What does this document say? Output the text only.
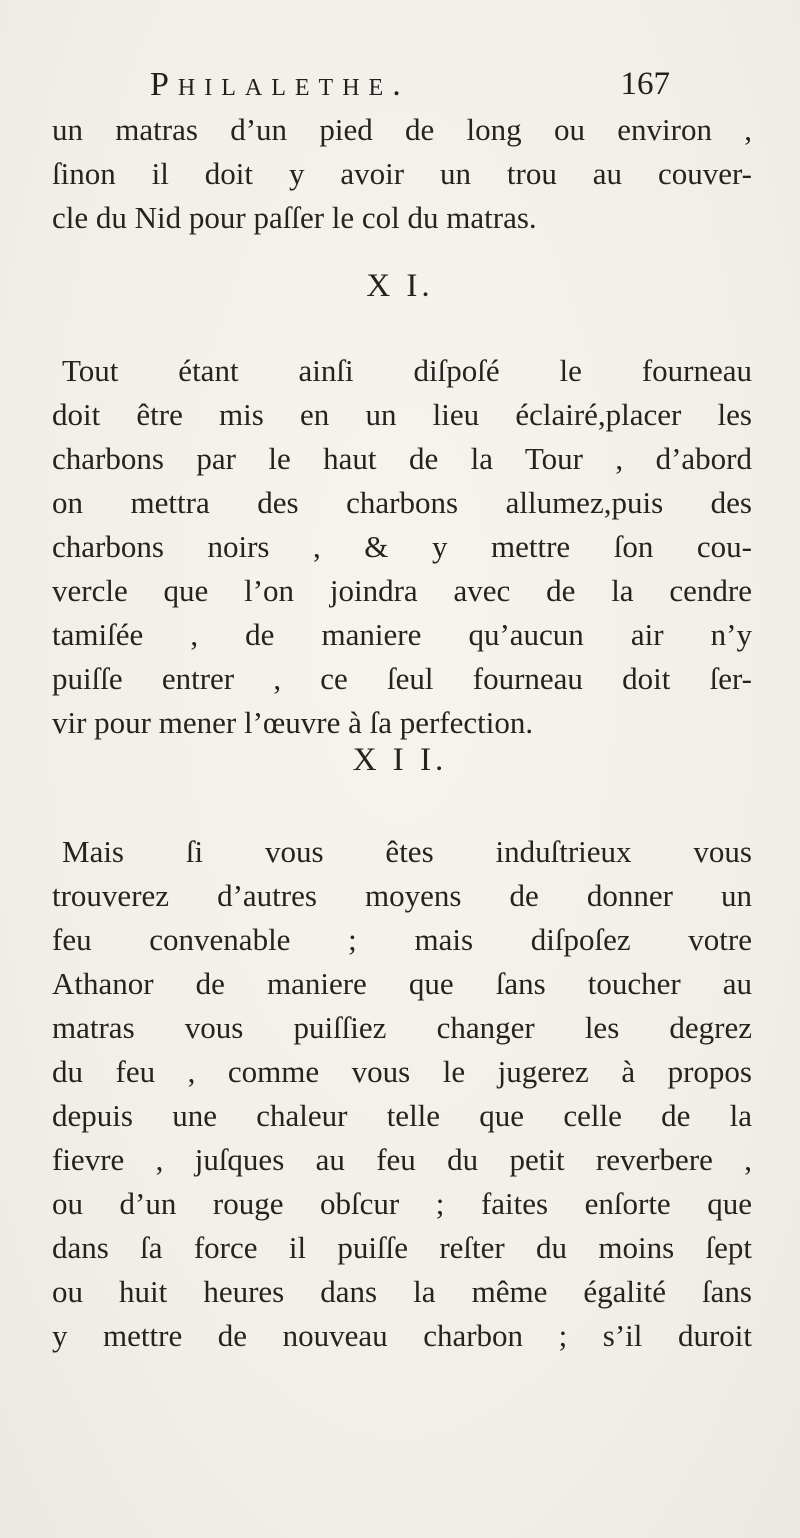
Philalethe.	167
un matras d’un pied de long ou environ ,
ſinon il doit y avoir un trou au couver-
cle du Nid pour paſſer le col du matras.
X I.
Tout étant ainſi diſpoſé le fourneau
doit être mis en un lieu éclairé,placer les
charbons par le haut de la Tour , d’abord
on mettra des charbons allumez,puis des
charbons noirs , & y mettre ſon cou-
vercle que l’on joindra avec de la cendre
tamiſée , de maniere qu’aucun air n’y
puiſſe entrer , ce ſeul fourneau doit ſer-
vir pour mener l’œuvre à ſa perfection.
X I I.
Mais ſi vous êtes induſtrieux vous
trouverez d’autres moyens de donner un
feu convenable ; mais diſpoſez votre
Athanor de maniere que ſans toucher au
matras vous puiſſiez changer les degrez
du feu , comme vous le jugerez à propos
depuis une chaleur telle que celle de la
fievre , juſques au feu du petit reverbere ,
ou d’un rouge obſcur ; faites enſorte que
dans ſa force il puiſſe reſter du moins ſept
ou huit heures dans la même égalité ſans
y mettre de nouveau charbon ; s’il duroit
